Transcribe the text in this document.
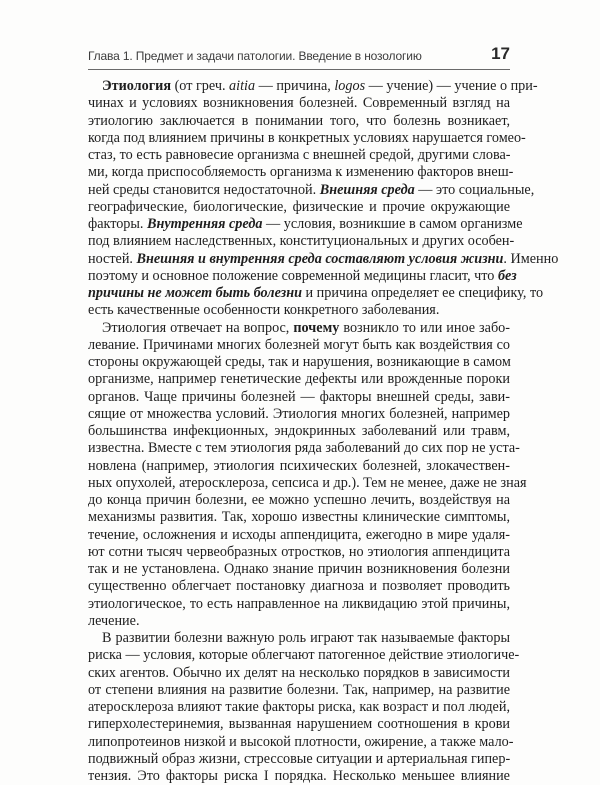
Глава 1. Предмет и задачи патологии. Введение в нозологию	17
Этиология (от греч. aitia — причина, logos — учение) — учение о при-
чинах и условиях возникновения болезней. Современный взгляд на
этиологию заключается в понимании того, что болезнь возникает,
когда под влиянием причины в конкретных условиях нарушается гомео-
стаз, то есть равновесие организма с внешней средой, другими слова-
ми, когда приспособляемость организма к изменению факторов внеш-
ней среды становится недостаточной. Внешняя среда — это социальные,
географические, биологические, физические и прочие окружающие
факторы. Внутренняя среда — условия, возникшие в самом организме
под влиянием наследственных, конституциональных и других особен-
ностей. Внешняя и внутренняя среда составляют условия жизни. Именно
поэтому и основное положение современной медицины гласит, что без
причины не может быть болезни и причина определяет ее специфику, то
есть качественные особенности конкретного заболевания.
Этиология отвечает на вопрос, почему возникло то или иное забо-
левание. Причинами многих болезней могут быть как воздействия со
стороны окружающей среды, так и нарушения, возникающие в самом
организме, например генетические дефекты или врожденные пороки
органов. Чаще причины болезней — факторы внешней среды, зави-
сящие от множества условий. Этиология многих болезней, например
большинства инфекционных, эндокринных заболеваний или травм,
известна. Вместе с тем этиология ряда заболеваний до сих пор не уста-
новлена (например, этиология психических болезней, злокачествен-
ных опухолей, атеросклероза, сепсиса и др.). Тем не менее, даже не зная
до конца причин болезни, ее можно успешно лечить, воздействуя на
механизмы развития. Так, хорошо известны клинические симптомы,
течение, осложнения и исходы аппендицита, ежегодно в мире удаля-
ют сотни тысяч червеобразных отростков, но этиология аппендицита
так и не установлена. Однако знание причин возникновения болезни
существенно облегчает постановку диагноза и позволяет проводить
этиологическое, то есть направленное на ликвидацию этой причины,
лечение.
В развитии болезни важную роль играют так называемые факторы
риска — условия, которые облегчают патогенное действие этиологиче-
ских агентов. Обычно их делят на несколько порядков в зависимости
от степени влияния на развитие болезни. Так, например, на развитие
атеросклероза влияют такие факторы риска, как возраст и пол людей,
гиперхолестеринемия, вызванная нарушением соотношения в крови
липопротеинов низкой и высокой плотности, ожирение, а также мало-
подвижный образ жизни, стрессовые ситуации и артериальная гипер-
тензия. Это факторы риска I порядка. Несколько меньшее влияние
